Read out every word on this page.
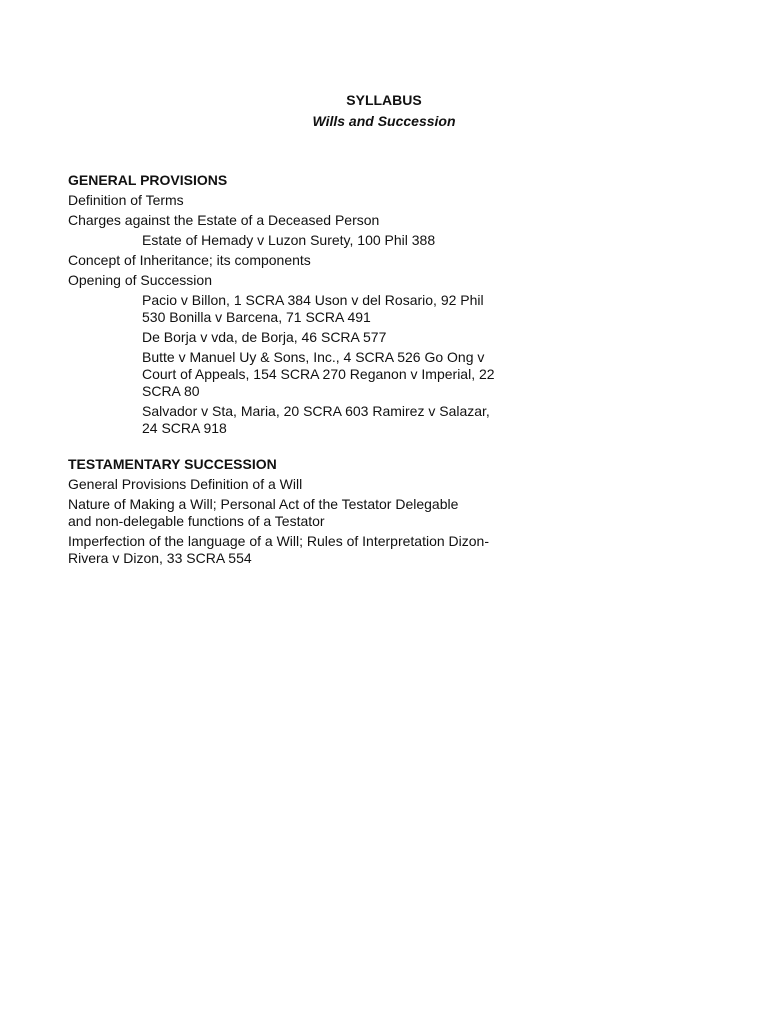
SYLLABUS
Wills and Succession
GENERAL PROVISIONS
Definition of Terms
Charges against the Estate of a Deceased Person
Estate of Hemady v Luzon Surety, 100 Phil 388
Concept of Inheritance; its components
Opening of Succession
Pacio v Billon, 1 SCRA 384 Uson v del Rosario, 92 Phil 530 Bonilla v Barcena, 71 SCRA 491
De Borja v vda, de Borja, 46 SCRA 577
Butte v Manuel Uy & Sons, Inc., 4 SCRA 526 Go Ong v Court of Appeals, 154 SCRA 270 Reganon v Imperial, 22 SCRA 80
Salvador v Sta, Maria, 20 SCRA 603 Ramirez v Salazar, 24 SCRA 918
TESTAMENTARY SUCCESSION
General Provisions Definition of a Will
Nature of Making a Will; Personal Act of the Testator Delegable and non-delegable functions of a Testator
Imperfection of the language of a Will; Rules of Interpretation Dizon-Rivera v Dizon, 33 SCRA 554
